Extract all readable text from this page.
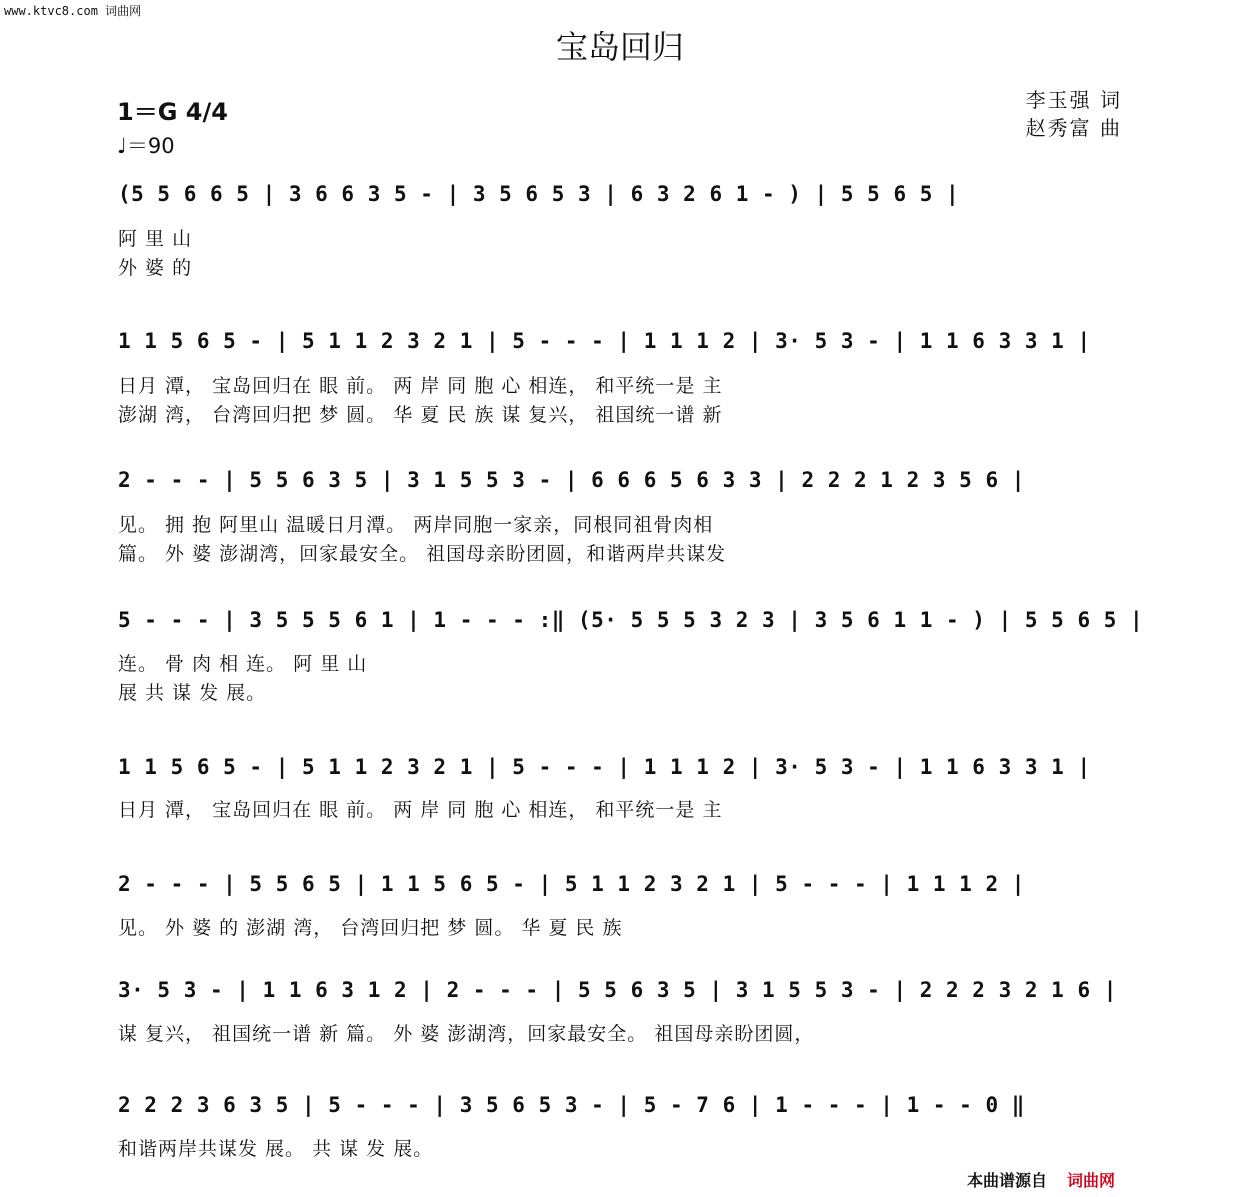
www.ktvc8.com 词曲网
宝岛回归
1＝G 4/4
♩＝90
李玉强 词
赵秀富 曲
(5 5 6 6 5 | 3 6 6 3 5 - | 3 5 6 5 3 | 6 3 2 6 1 - ) | 5 5 6 5 |
阿 里 山
外 婆 的
1 1 5 6 5 - | 5 1 1 2 3 2 1 | 5 - - - | 1 1 1 2 | 3· 5 3 - | 1 1 6 3 3 1 |
日月 潭， 宝岛回归在 眼 前。 两 岸 同 胞 心 相连， 和平统一是 主
澎湖 湾， 台湾回归把 梦 圆。 华 夏 民 族 谋 复兴， 祖国统一谱 新
2 - - - | 5 5 6 3 5 | 3 1 5 5 3 - | 6 6 6 5 6 3 3 | 2 2 2 1 2 3 5 6 |
见。 拥 抱 阿里山 温暖日月潭。 两岸同胞一家亲，同根同祖骨肉相
篇。 外 婆 澎湖湾，回家最安全。 祖国母亲盼团圆，和谐两岸共谋发
5 - - - | 3 5 5 5 6 1 | 1 - - - :‖ (5· 5 5 5 3 2 3 | 3 5 6 1 1 - ) | 5 5 6 5 |
连。 骨 肉 相 连。 阿 里 山
展 共 谋 发 展。
1 1 5 6 5 - | 5 1 1 2 3 2 1 | 5 - - - | 1 1 1 2 | 3· 5 3 - | 1 1 6 3 3 1 |
日月 潭， 宝岛回归在 眼 前。 两 岸 同 胞 心 相连， 和平统一是 主
2 - - - | 5 5 6 5 | 1 1 5 6 5 - | 5 1 1 2 3 2 1 | 5 - - - | 1 1 1 2 |
见。 外 婆 的 澎湖 湾， 台湾回归把 梦 圆。 华 夏 民 族
3· 5 3 - | 1 1 6 3 1 2 | 2 - - - | 5 5 6 3 5 | 3 1 5 5 3 - | 2 2 2 3 2 1 6 |
谋 复兴， 祖国统一谱 新 篇。 外 婆 澎湖湾，回家最安全。 祖国母亲盼团圆，
2 2 2 3 6 3 5 | 5 - - - | 3 5 6 5 3 - | 5 - 7 6 | 1 - - - | 1 - - 0 ‖
和谐两岸共谋发 展。 共 谋 发 展。
本曲谱源自 词曲网
